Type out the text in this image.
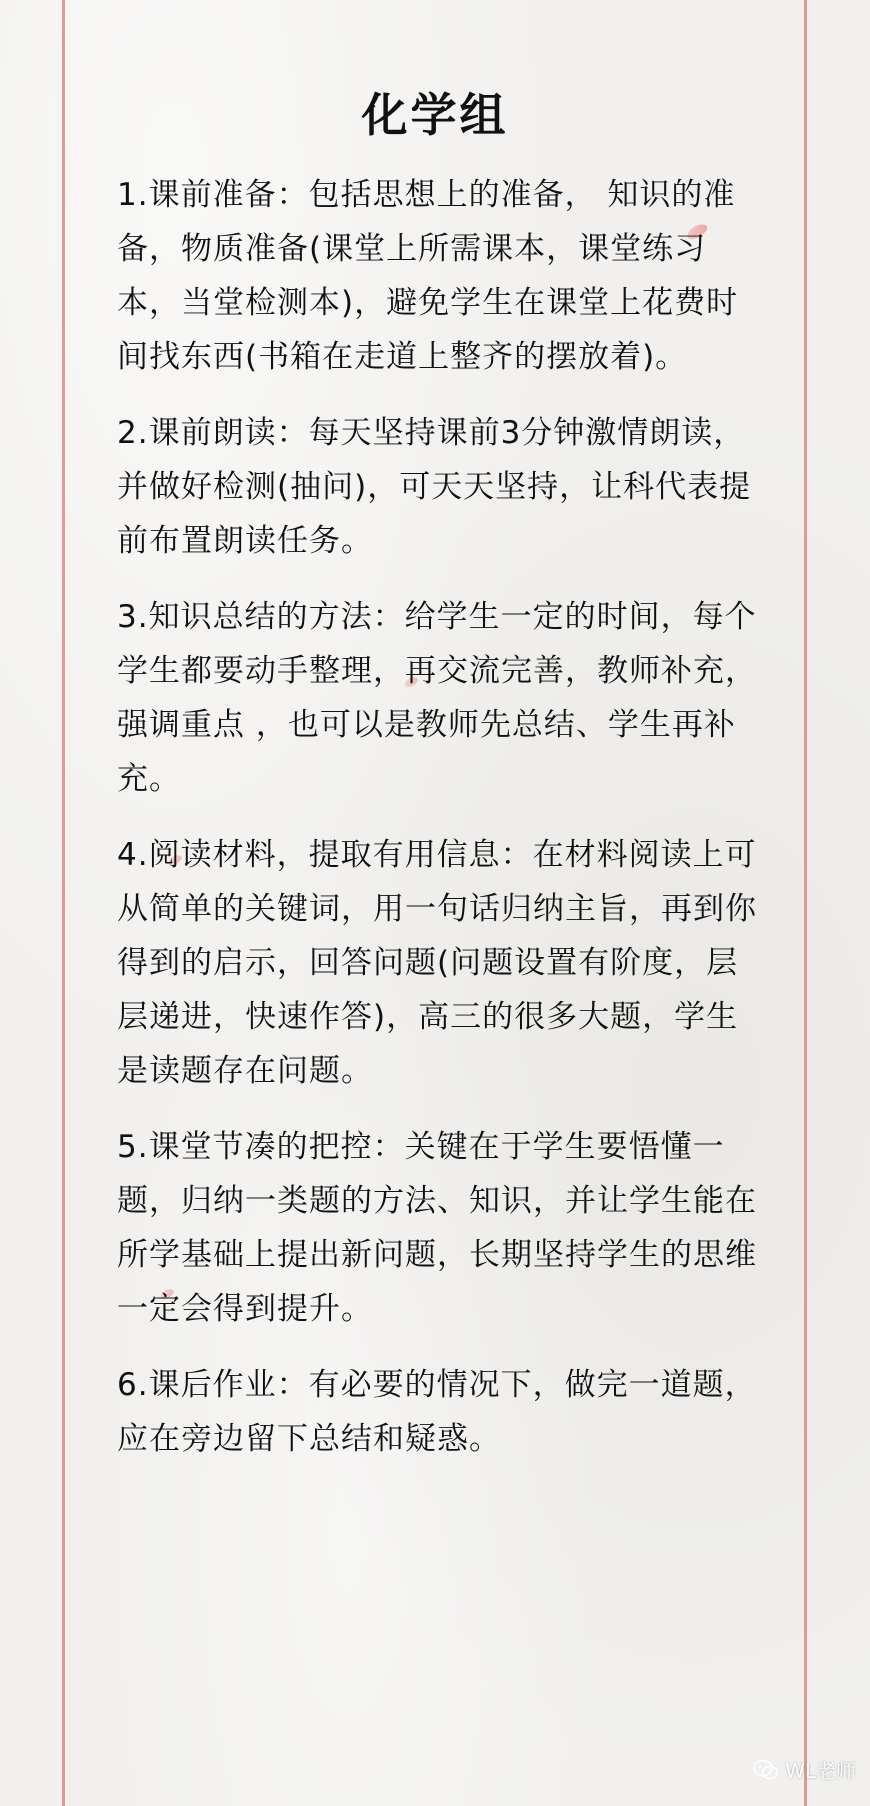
化学组

1.课前准备：包括思想上的准备， 知识的准备，物质准备(课堂上所需课本，课堂练习本，当堂检测本)，避免学生在课堂上花费时间找东西(书箱在走道上整齐的摆放着)。

2.课前朗读：每天坚持课前3分钟激情朗读，并做好检测(抽问)，可天天坚持，让科代表提前布置朗读任务。

3.知识总结的方法：给学生一定的时间，每个学生都要动手整理，再交流完善，教师补充，强调重点 ，也可以是教师先总结、学生再补充。

4.阅读材料，提取有用信息：在材料阅读上可从简单的关键词，用一句话归纳主旨，再到你得到的启示，回答问题(问题设置有阶度，层层递进，快速作答)，高三的很多大题，学生是读题存在问题。

5.课堂节凑的把控：关键在于学生要悟懂一题，归纳一类题的方法、知识，并让学生能在所学基础上提出新问题，长期坚持学生的思维一定会得到提升。

6.课后作业：有必要的情况下，做完一道题，应在旁边留下总结和疑惑。

WL老师
